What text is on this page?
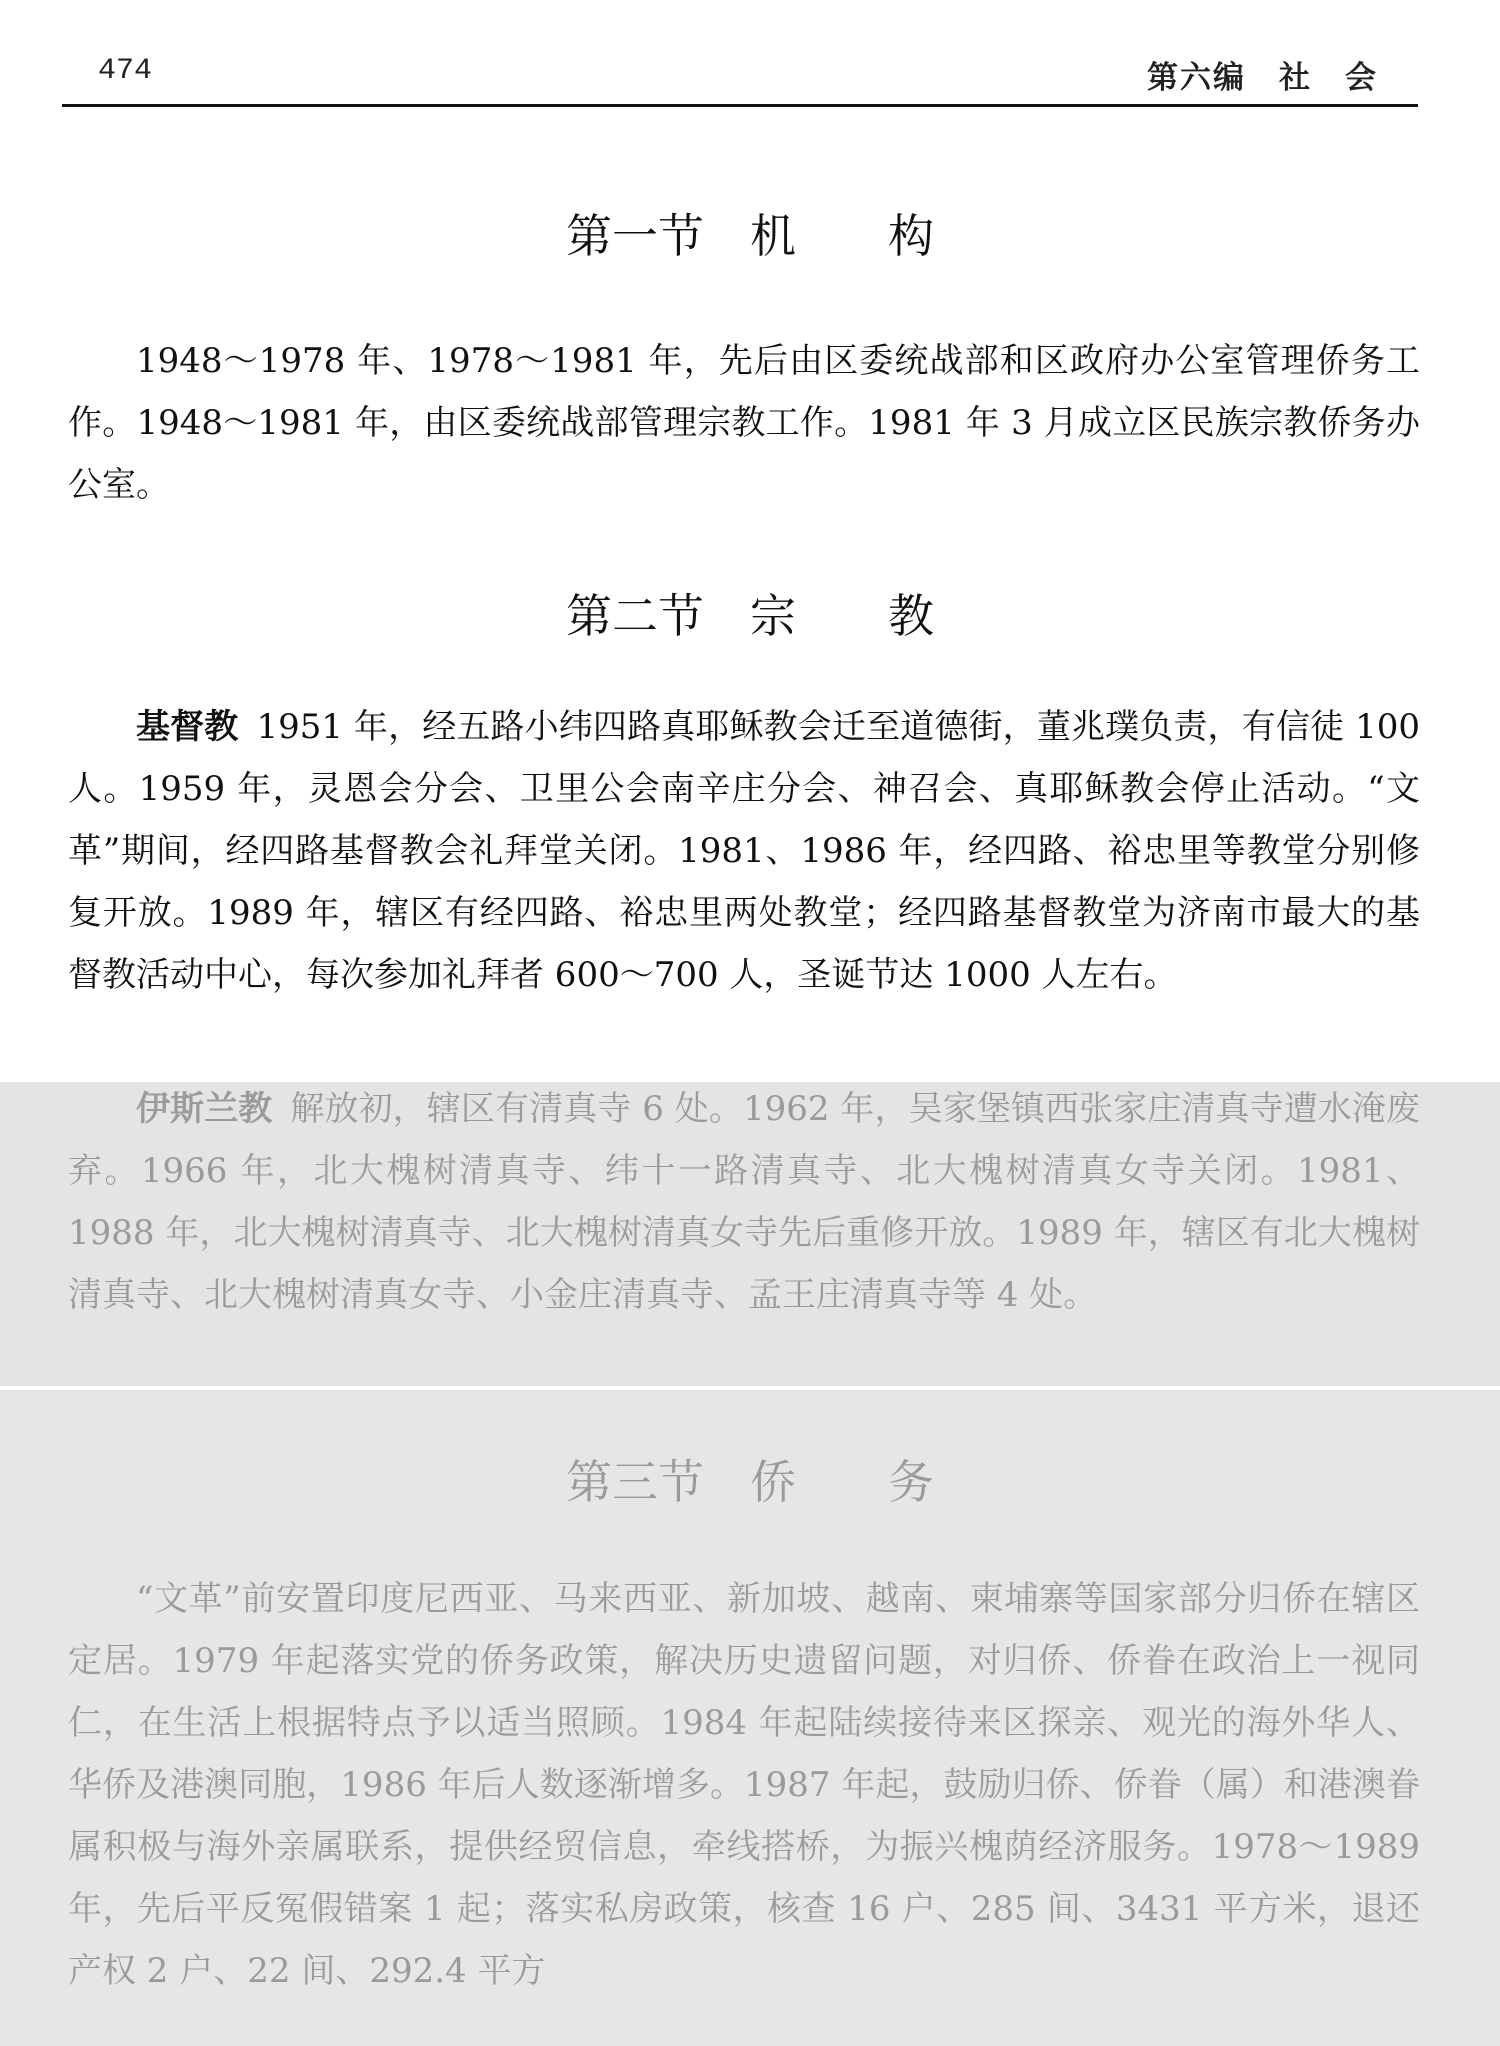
474	第六编　社　会
第一节　机　　构
1948～1978 年、1978～1981 年，先后由区委统战部和区政府办公室管理侨务工作。1948～1981 年，由区委统战部管理宗教工作。1981 年 3 月成立区民族宗教侨务办公室。
第二节　宗　　教
基督教 1951 年，经五路小纬四路真耶稣教会迁至道德街，董兆璞负责，有信徒 100 人。1959 年，灵恩会分会、卫里公会南辛庄分会、神召会、真耶稣教会停止活动。“文革”期间，经四路基督教会礼拜堂关闭。1981、1986 年，经四路、裕忠里等教堂分别修复开放。1989 年，辖区有经四路、裕忠里两处教堂；经四路基督教堂为济南市最大的基督教活动中心，每次参加礼拜者 600～700 人，圣诞节达 1000 人左右。
伊斯兰教 解放初，辖区有清真寺 6 处。1962 年，吴家堡镇西张家庄清真寺遭水淹废弃。1966 年，北大槐树清真寺、纬十一路清真寺、北大槐树清真女寺关闭。1981、1988 年，北大槐树清真寺、北大槐树清真女寺先后重修开放。1989 年，辖区有北大槐树清真寺、北大槐树清真女寺、小金庄清真寺、孟王庄清真寺等 4 处。
第三节　侨　　务
“文革”前安置印度尼西亚、马来西亚、新加坡、越南、柬埔寨等国家部分归侨在辖区定居。1979 年起落实党的侨务政策，解决历史遗留问题，对归侨、侨眷在政治上一视同仁，在生活上根据特点予以适当照顾。1984 年起陆续接待来区探亲、观光的海外华人、华侨及港澳同胞，1986 年后人数逐渐增多。1987 年起，鼓励归侨、侨眷（属）和港澳眷属积极与海外亲属联系，提供经贸信息，牵线搭桥，为振兴槐荫经济服务。1978～1989 年，先后平反冤假错案 1 起；落实私房政策，核查 16 户、285 间、3431 平方米，退还产权 2 户、22 间、292.4 平方
